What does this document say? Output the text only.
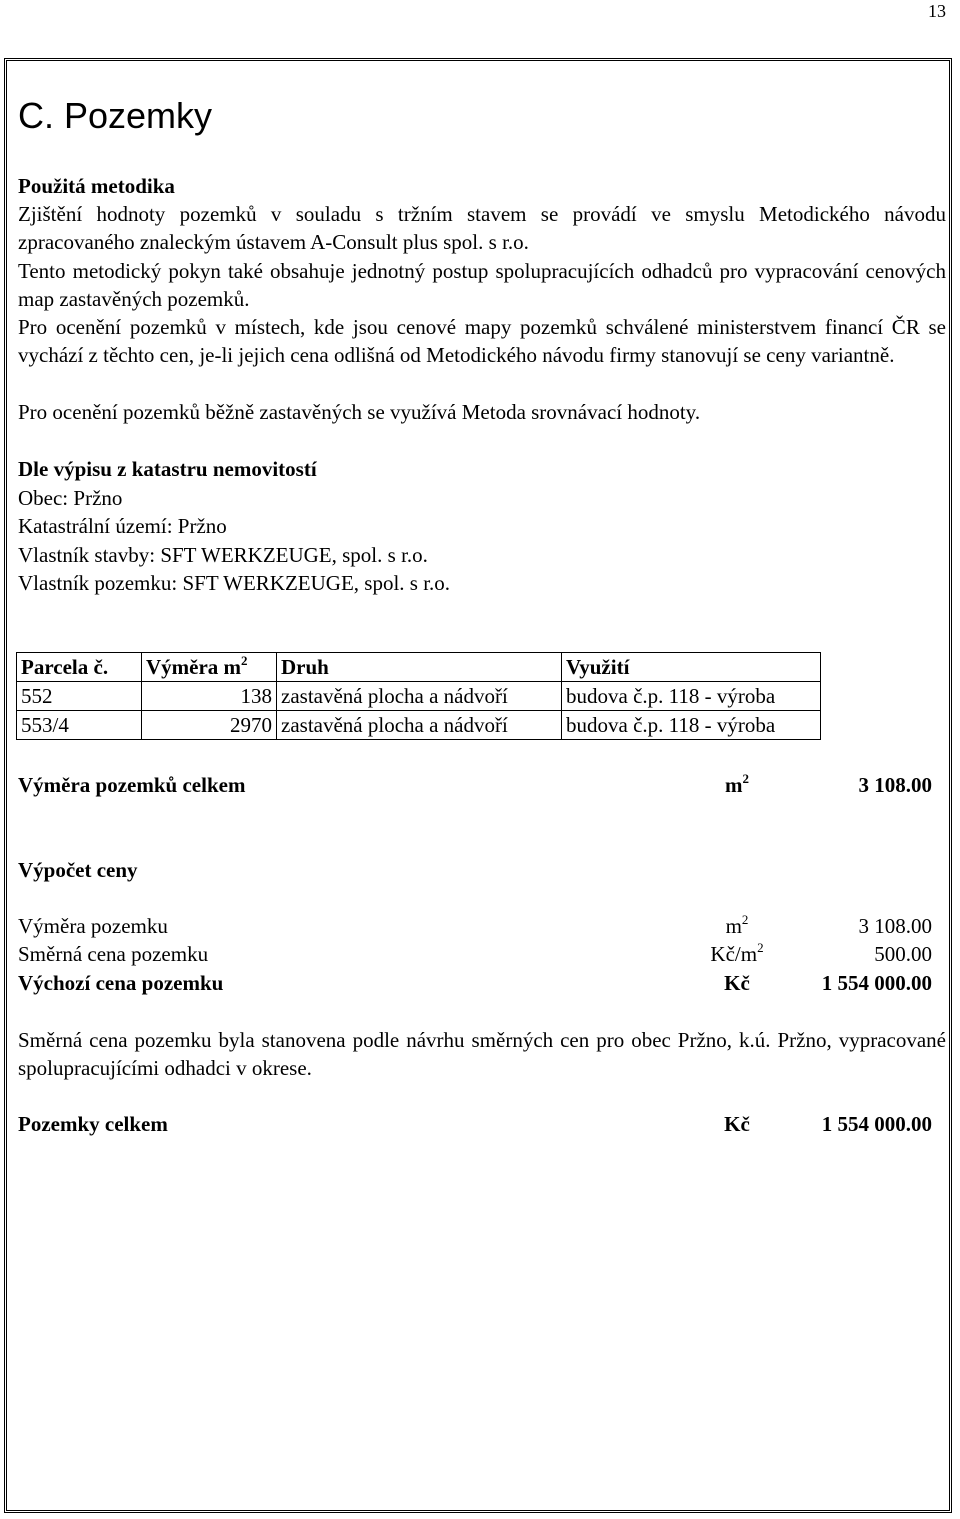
13
C. Pozemky
Použitá metodika
Zjištění hodnoty pozemků v souladu s tržním stavem se provádí ve smyslu Metodického návodu zpracovaného znaleckým ústavem A-Consult plus spol. s r.o.
Tento metodický pokyn také obsahuje jednotný postup spolupracujících odhadců pro vypracování cenových map zastavěných pozemků.
Pro ocenění pozemků v místech, kde jsou cenové mapy pozemků schválené ministerstvem financí ČR se vychází z těchto cen, je-li jejich cena odlišná od Metodického návodu firmy stanovují se ceny variantně.
Pro ocenění pozemků běžně zastavěných se využívá Metoda srovnávací hodnoty.
Dle výpisu z katastru nemovitostí
Obec: Pržno
Katastrální území: Pržno
Vlastník stavby: SFT WERKZEUGE, spol. s r.o.
Vlastník pozemku: SFT WERKZEUGE, spol. s r.o.
Parcela č.	Výměra $m^2$	Druh	Využití
552	138	zastavěná plocha a nádvoří	budova č.p. 118 - výroba
553/4	2970	zastavěná plocha a nádvoří	budova č.p. 118 - výroba
Výměra pozemků celkem	$m^2$	3 108.00
Výpočet ceny
Výměra pozemku	$m^2$	3 108.00
Směrná cena pozemku	$Kč/m^2$	500.00
Výchozí cena pozemku	Kč	1 554 000.00
Směrná cena pozemku byla stanovena podle návrhu směrných cen pro obec Pržno, k.ú. Pržno, vypracované spolupracujícími odhadci v okrese.
Pozemky celkem	Kč	1 554 000.00
